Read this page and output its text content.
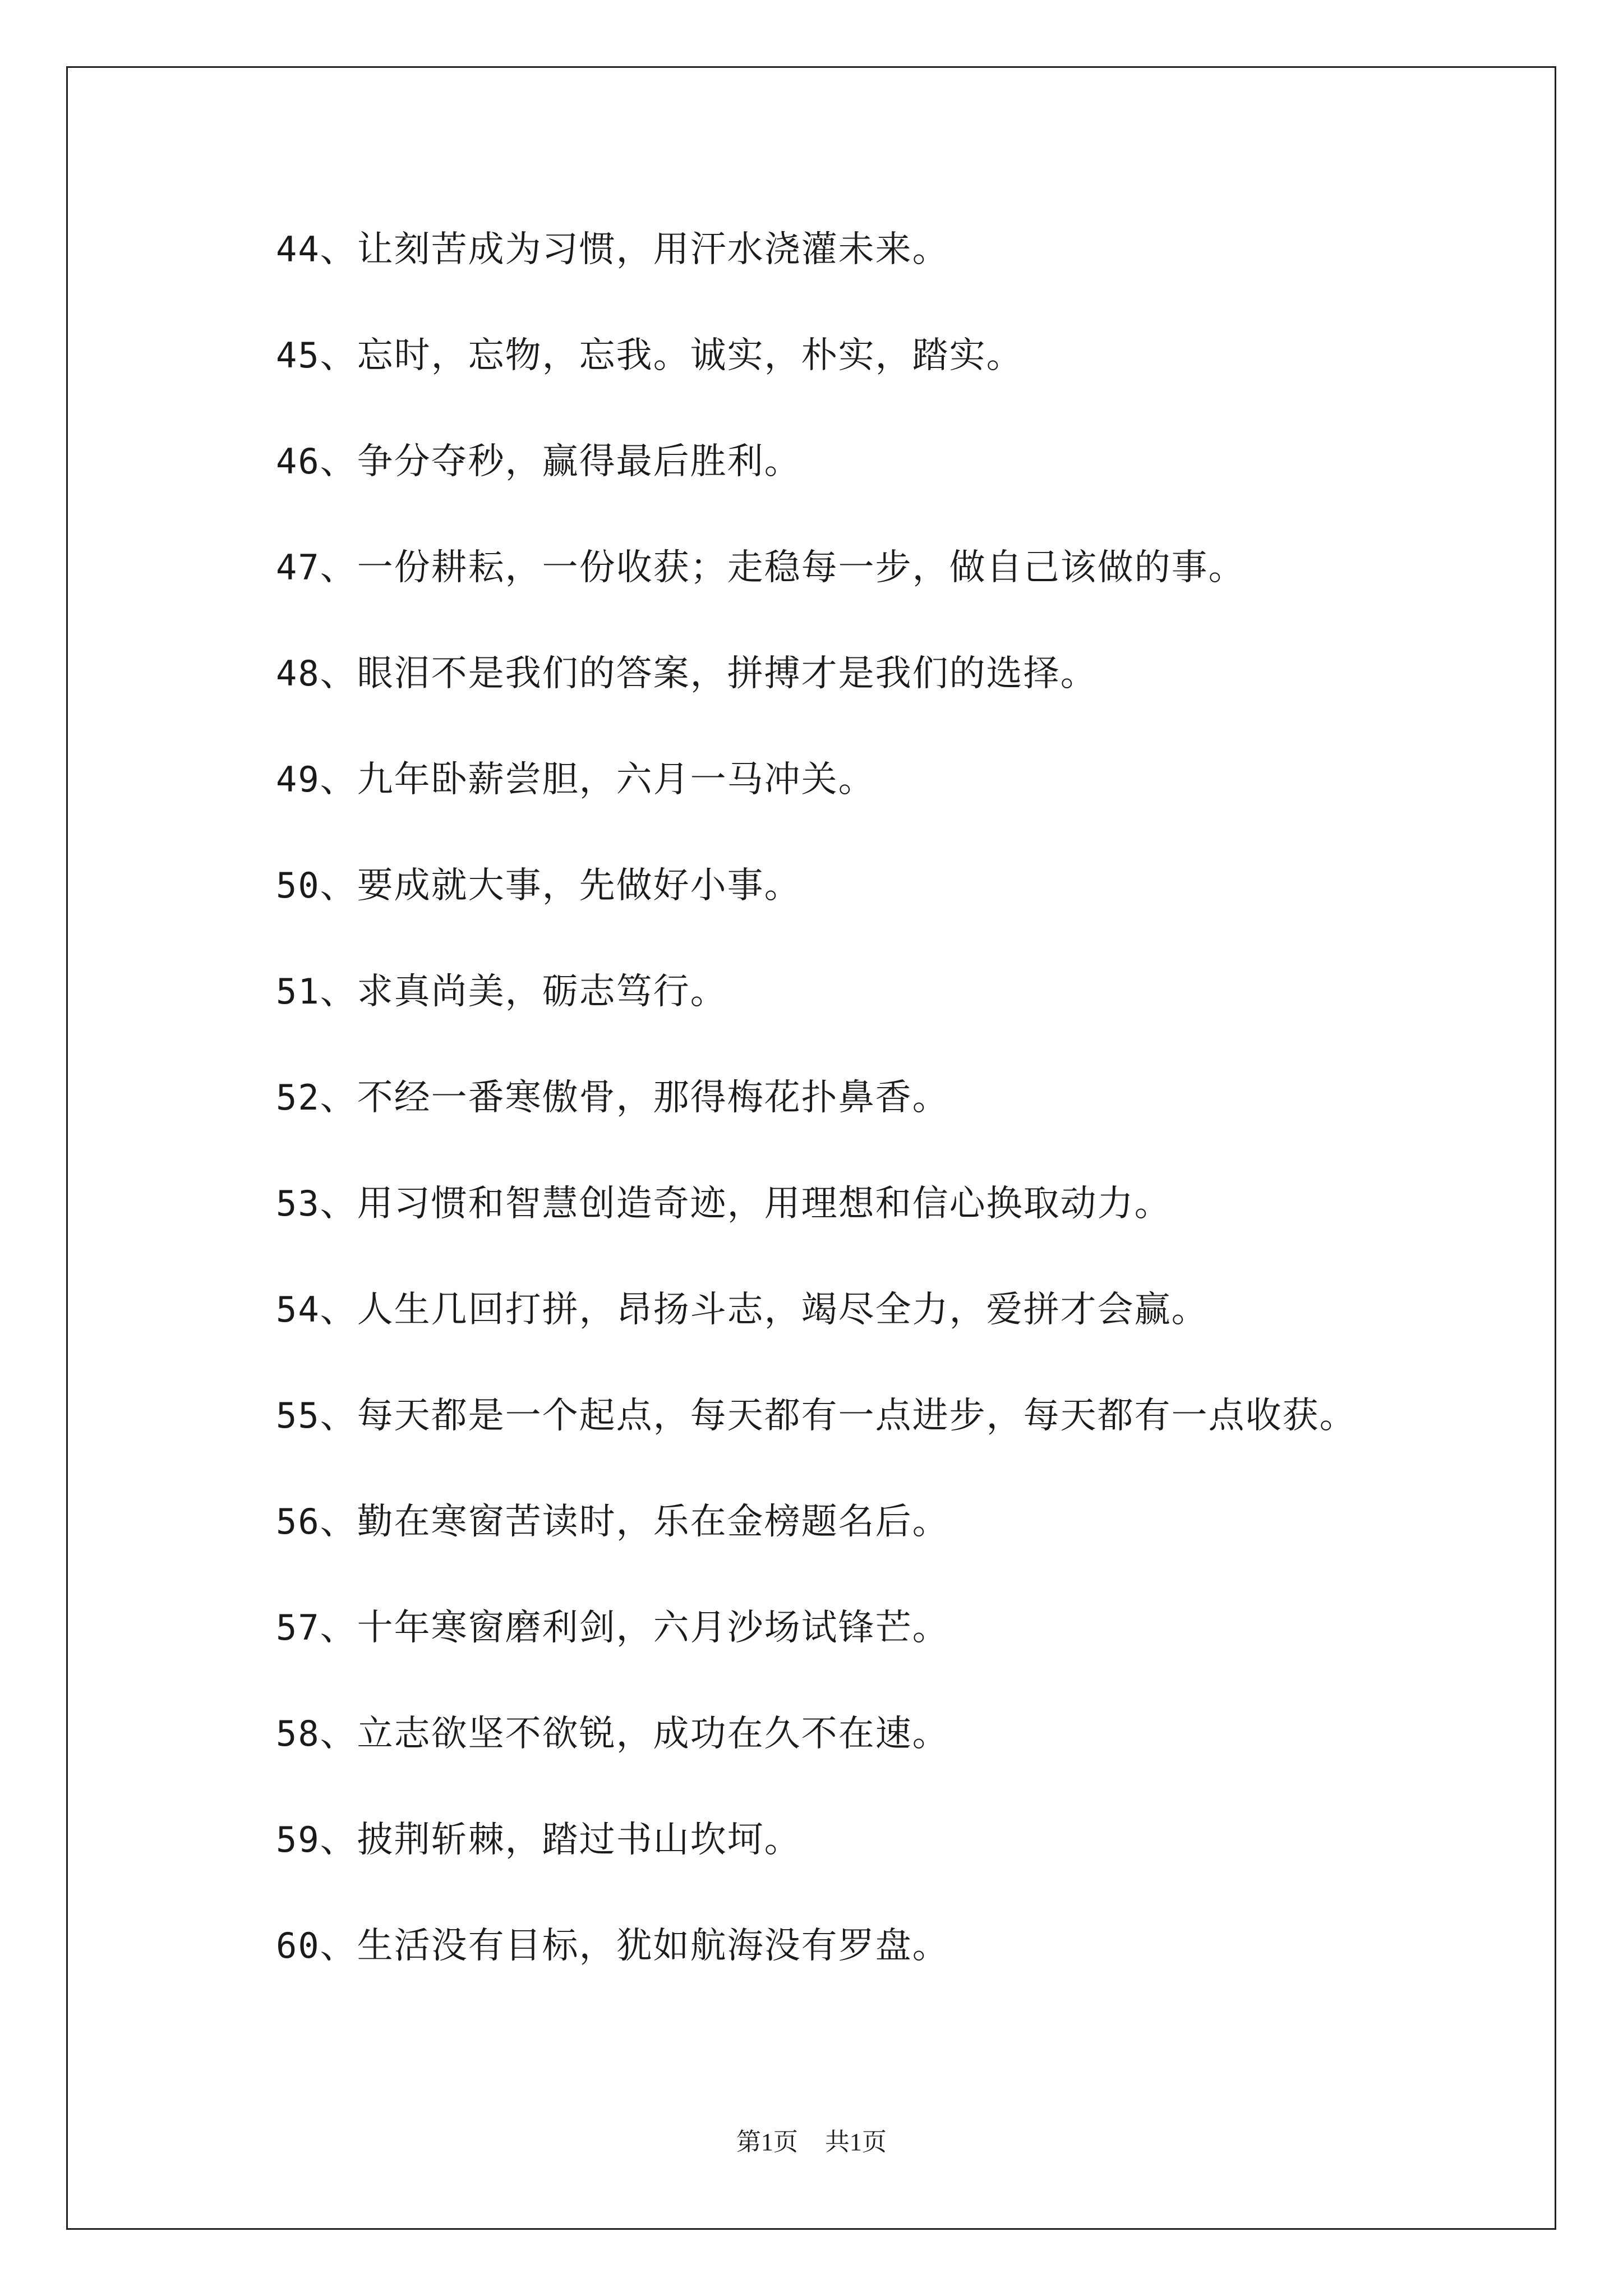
44、让刻苦成为习惯，用汗水浇灌未来。
45、忘时，忘物，忘我。诚实，朴实，踏实。
46、争分夺秒，赢得最后胜利。
47、一份耕耘，一份收获；走稳每一步，做自己该做的事。
48、眼泪不是我们的答案，拼搏才是我们的选择。
49、九年卧薪尝胆，六月一马冲关。
50、要成就大事，先做好小事。
51、求真尚美，砺志笃行。
52、不经一番寒傲骨，那得梅花扑鼻香。
53、用习惯和智慧创造奇迹，用理想和信心换取动力。
54、人生几回打拼，昂扬斗志，竭尽全力，爱拼才会赢。
55、每天都是一个起点，每天都有一点进步，每天都有一点收获。
56、勤在寒窗苦读时，乐在金榜题名后。
57、十年寒窗磨利剑，六月沙场试锋芒。
58、立志欲坚不欲锐，成功在久不在速。
59、披荆斩棘，踏过书山坎坷。
60、生活没有目标，犹如航海没有罗盘。
第1页 共1页
